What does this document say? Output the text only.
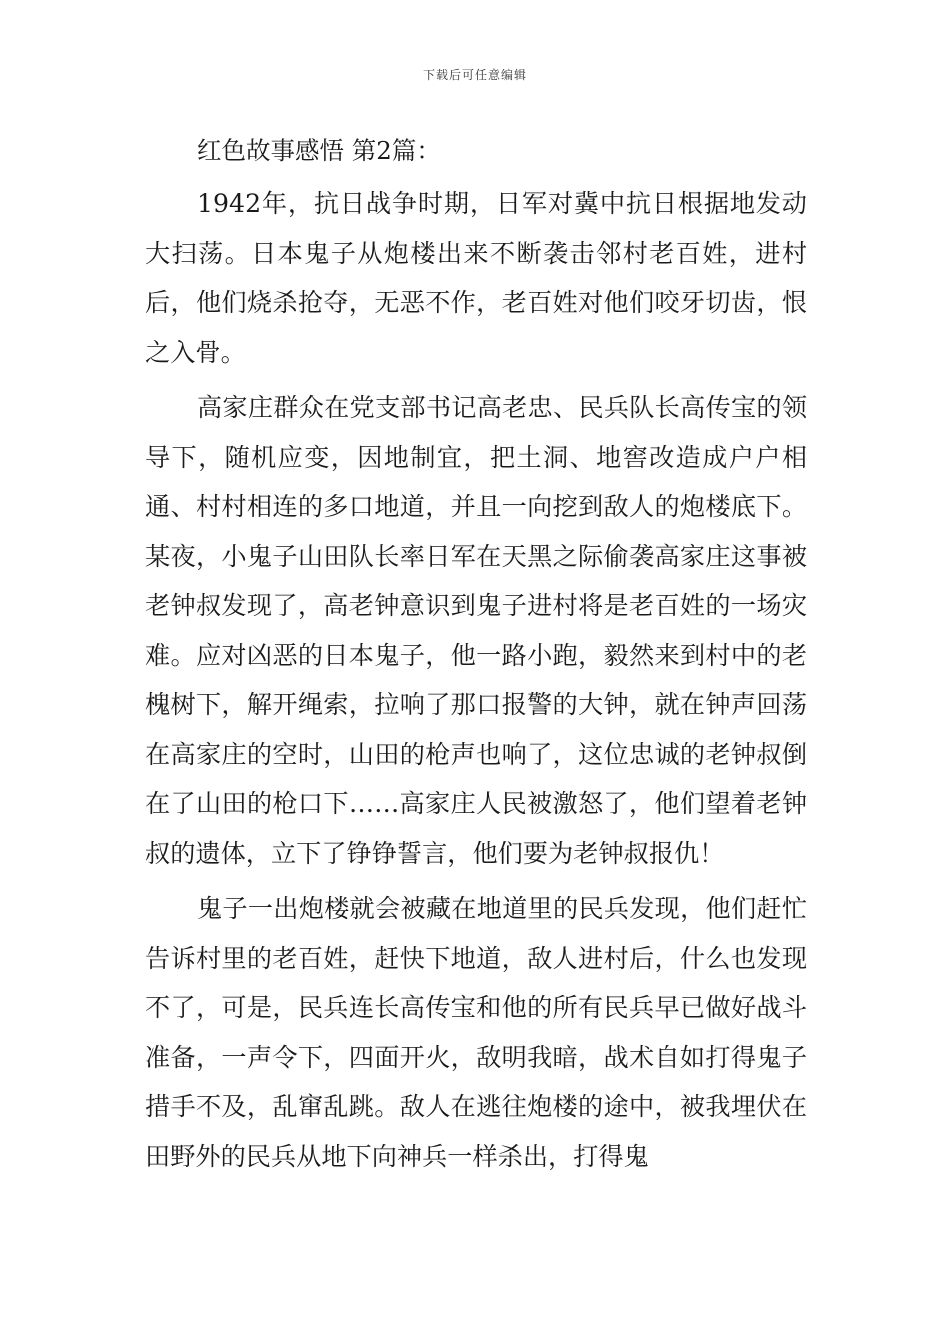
下载后可任意编辑

红色故事感悟 第2篇：

1942年，抗日战争时期，日军对冀中抗日根据地发动大扫荡。日本鬼子从炮楼出来不断袭击邻村老百姓，进村后，他们烧杀抢夺，无恶不作，老百姓对他们咬牙切齿，恨之入骨。

高家庄群众在党支部书记高老忠、民兵队长高传宝的领导下，随机应变，因地制宜，把土洞、地窖改造成户户相通、村村相连的多口地道，并且一向挖到敌人的炮楼底下。某夜，小鬼子山田队长率日军在天黑之际偷袭高家庄这事被老钟叔发现了，高老钟意识到鬼子进村将是老百姓的一场灾难。应对凶恶的日本鬼子，他一路小跑，毅然来到村中的老槐树下，解开绳索，拉响了那口报警的大钟，就在钟声回荡在高家庄的空时，山田的枪声也响了，这位忠诚的老钟叔倒在了山田的枪口下……高家庄人民被激怒了，他们望着老钟叔的遗体，立下了铮铮誓言，他们要为老钟叔报仇！

鬼子一出炮楼就会被藏在地道里的民兵发现，他们赶忙告诉村里的老百姓，赶快下地道，敌人进村后，什么也发现不了，可是，民兵连长高传宝和他的所有民兵早已做好战斗准备，一声令下，四面开火，敌明我暗，战术自如打得鬼子措手不及，乱窜乱跳。敌人在逃往炮楼的途中，被我埋伏在田野外的民兵从地下向神兵一样杀出，打得鬼
